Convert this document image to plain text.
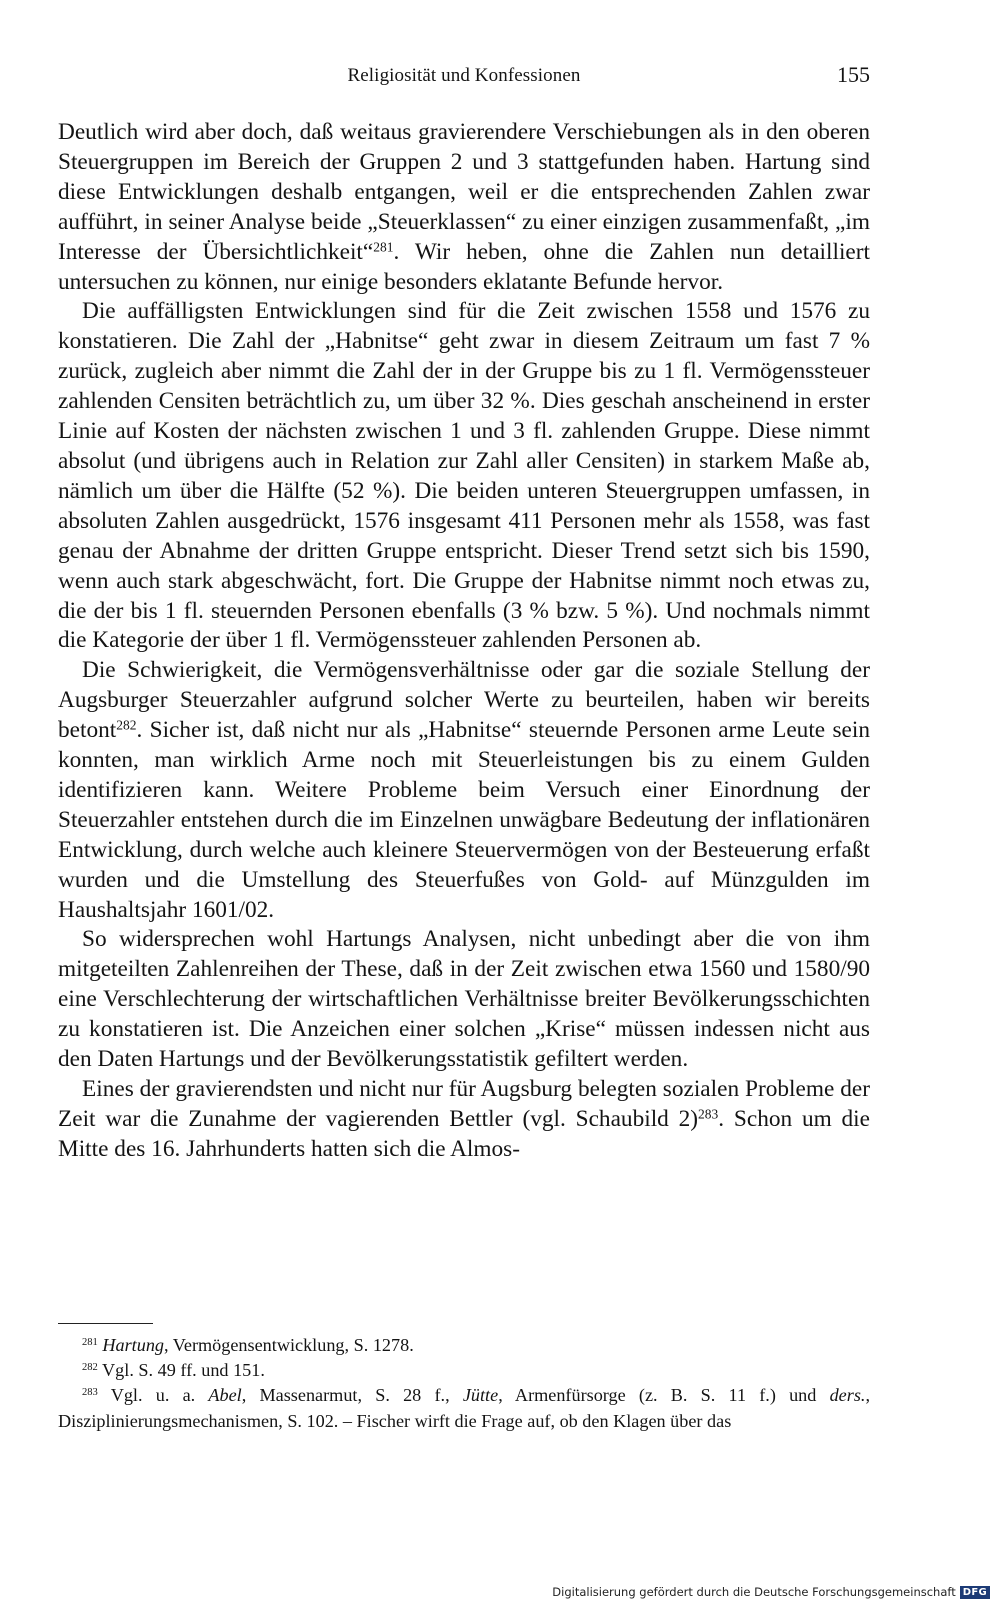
Religiosität und Konfessionen	155

Deutlich wird aber doch, daß weitaus gravierendere Verschiebungen als in den oberen Steuergruppen im Bereich der Gruppen 2 und 3 stattgefunden haben. Hartung sind diese Entwicklungen deshalb entgangen, weil er die entsprechenden Zahlen zwar aufführt, in seiner Analyse beide „Steuerklassen“ zu einer einzigen zusammenfaßt, „im Interesse der Übersichtlichkeit“$^{281}$. Wir heben, ohne die Zahlen nun detailliert untersuchen zu können, nur einige besonders eklatante Befunde hervor.

Die auffälligsten Entwicklungen sind für die Zeit zwischen 1558 und 1576 zu konstatieren. Die Zahl der „Habnitse“ geht zwar in diesem Zeitraum um fast 7 % zurück, zugleich aber nimmt die Zahl der in der Gruppe bis zu 1 fl. Vermögenssteuer zahlenden Censiten beträchtlich zu, um über 32 %. Dies geschah anscheinend in erster Linie auf Kosten der nächsten zwischen 1 und 3 fl. zahlenden Gruppe. Diese nimmt absolut (und übrigens auch in Relation zur Zahl aller Censiten) in starkem Maße ab, nämlich um über die Hälfte (52 %). Die beiden unteren Steuergruppen umfassen, in absoluten Zahlen ausgedrückt, 1576 insgesamt 411 Personen mehr als 1558, was fast genau der Abnahme der dritten Gruppe entspricht. Dieser Trend setzt sich bis 1590, wenn auch stark abgeschwächt, fort. Die Gruppe der Habnitse nimmt noch etwas zu, die der bis 1 fl. steuernden Personen ebenfalls (3 % bzw. 5 %). Und nochmals nimmt die Kategorie der über 1 fl. Vermögenssteuer zahlenden Personen ab.

Die Schwierigkeit, die Vermögensverhältnisse oder gar die soziale Stellung der Augsburger Steuerzahler aufgrund solcher Werte zu beurteilen, haben wir bereits betont$^{282}$. Sicher ist, daß nicht nur als „Habnitse“ steuernde Personen arme Leute sein konnten, man wirklich Arme noch mit Steuerleistungen bis zu einem Gulden identifizieren kann. Weitere Probleme beim Versuch einer Einordnung der Steuerzahler entstehen durch die im Einzelnen unwägbare Bedeutung der inflationären Entwicklung, durch welche auch kleinere Steuervermögen von der Besteuerung erfaßt wurden und die Umstellung des Steuerfußes von Gold- auf Münzgulden im Haushaltsjahr 1601/02.

So widersprechen wohl Hartungs Analysen, nicht unbedingt aber die von ihm mitgeteilten Zahlenreihen der These, daß in der Zeit zwischen etwa 1560 und 1580/90 eine Verschlechterung der wirtschaftlichen Verhältnisse breiter Bevölkerungsschichten zu konstatieren ist. Die Anzeichen einer solchen „Krise“ müssen indessen nicht aus den Daten Hartungs und der Bevölkerungsstatistik gefiltert werden.

Eines der gravierendsten und nicht nur für Augsburg belegten sozialen Probleme der Zeit war die Zunahme der vagierenden Bettler (vgl. Schaubild 2)$^{283}$. Schon um die Mitte des 16. Jahrhunderts hatten sich die Almos-

$^{281}$ Hartung, Vermögensentwicklung, S. 1278.

$^{282}$ Vgl. S. 49 ff. und 151.

$^{283}$ Vgl. u. a. Abel, Massenarmut, S. 28 f., Jütte, Armenfürsorge (z. B. S. 11 f.) und ders., Disziplinierungsmechanismen, S. 102. – Fischer wirft die Frage auf, ob den Klagen über das

Digitalisierung gefördert durch die Deutsche Forschungsgemeinschaft DFG
